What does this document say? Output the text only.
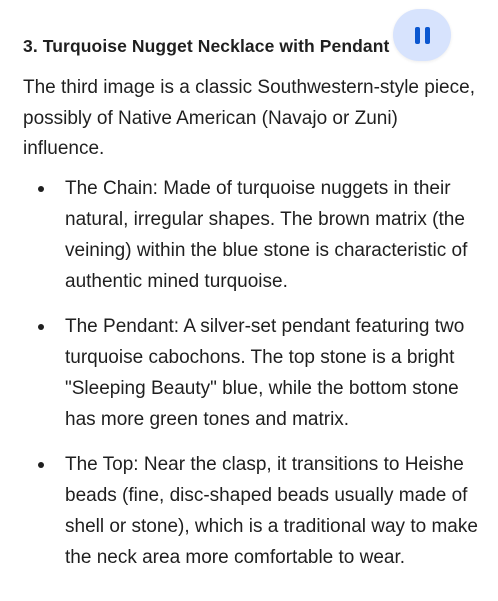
3. Turquoise Nugget Necklace with Pendant
The third image is a classic Southwestern-style piece, possibly of Native American (Navajo or Zuni) influence.
The Chain: Made of turquoise nuggets in their natural, irregular shapes. The brown matrix (the veining) within the blue stone is characteristic of authentic mined turquoise.
The Pendant: A silver-set pendant featuring two turquoise cabochons. The top stone is a bright "Sleeping Beauty" blue, while the bottom stone has more green tones and matrix.
The Top: Near the clasp, it transitions to Heishe beads (fine, disc-shaped beads usually made of shell or stone), which is a traditional way to make the neck area more comfortable to wear.
